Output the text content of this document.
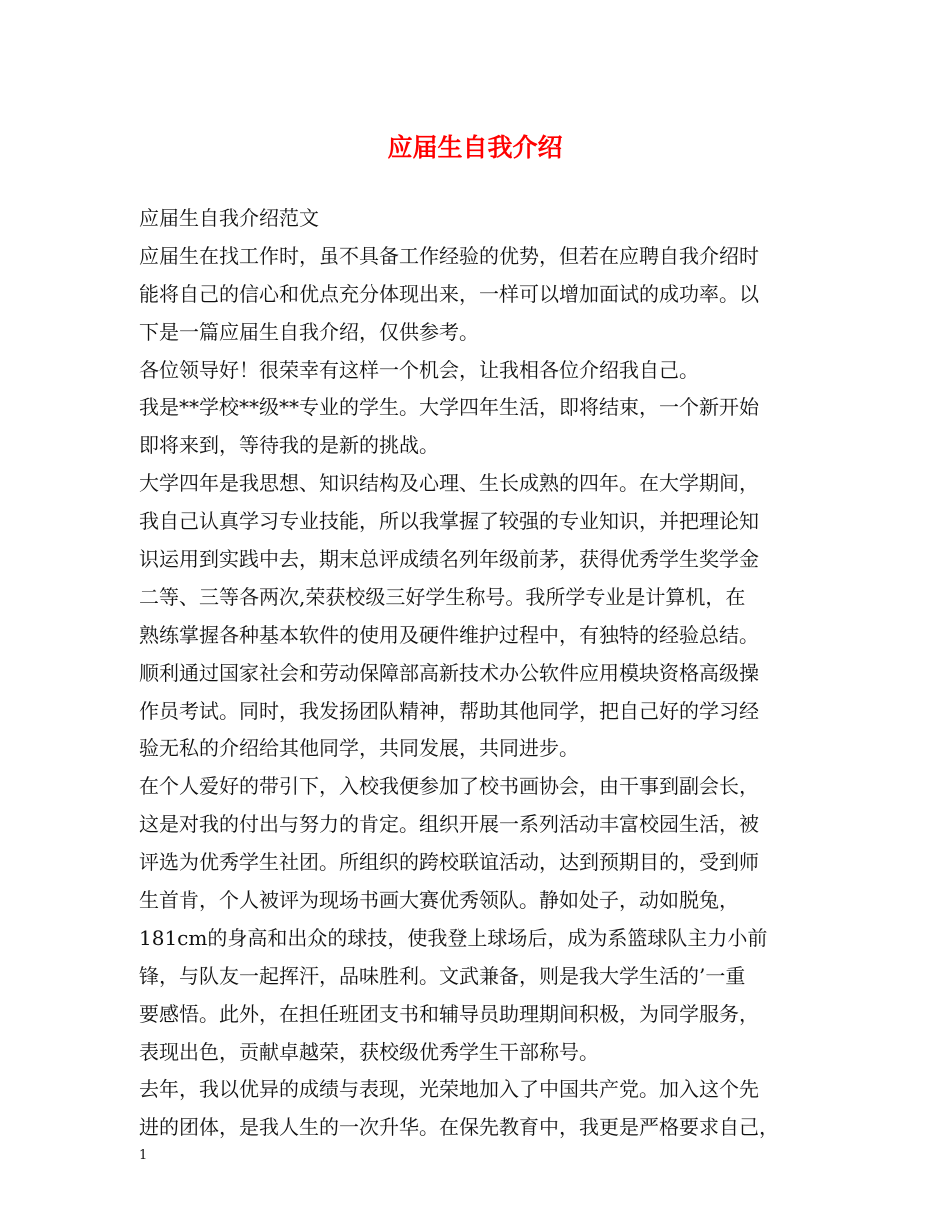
应届生自我介绍

应届生自我介绍范文

应届生在找工作时，虽不具备工作经验的优势，但若在应聘自我介绍时

能将自己的信心和优点充分体现出来，一样可以增加面试的成功率。以

下是一篇应届生自我介绍，仅供参考。

各位领导好！很荣幸有这样一个机会，让我相各位介绍我自己。

我是**学校**级**专业的学生。大学四年生活，即将结束，一个新开始

即将来到，等待我的是新的挑战。

大学四年是我思想、知识结构及心理、生长成熟的四年。在大学期间，

我自己认真学习专业技能，所以我掌握了较强的专业知识，并把理论知

识运用到实践中去，期末总评成绩名列年级前茅，获得优秀学生奖学金

二等、三等各两次,荣获校级三好学生称号。我所学专业是计算机，在

熟练掌握各种基本软件的使用及硬件维护过程中，有独特的经验总结。

顺利通过国家社会和劳动保障部高新技术办公软件应用模块资格高级操

作员考试。同时，我发扬团队精神，帮助其他同学，把自己好的学习经

验无私的介绍给其他同学，共同发展，共同进步。

在个人爱好的带引下，入校我便参加了校书画协会，由干事到副会长，

这是对我的付出与努力的肯定。组织开展一系列活动丰富校园生活，被

评选为优秀学生社团。所组织的跨校联谊活动，达到预期目的，受到师

生首肯，个人被评为现场书画大赛优秀领队。静如处子，动如脱兔，

181cm的身高和出众的球技，使我登上球场后，成为系篮球队主力小前

锋，与队友一起挥汗，品味胜利。文武兼备，则是我大学生活的’一重

要感悟。此外，在担任班团支书和辅导员助理期间积极，为同学服务，

表现出色，贡献卓越荣，获校级优秀学生干部称号。

去年，我以优异的成绩与表现，光荣地加入了中国共产党。加入这个先

进的团体，是我人生的一次升华。在保先教育中，我更是严格要求自己，

1
